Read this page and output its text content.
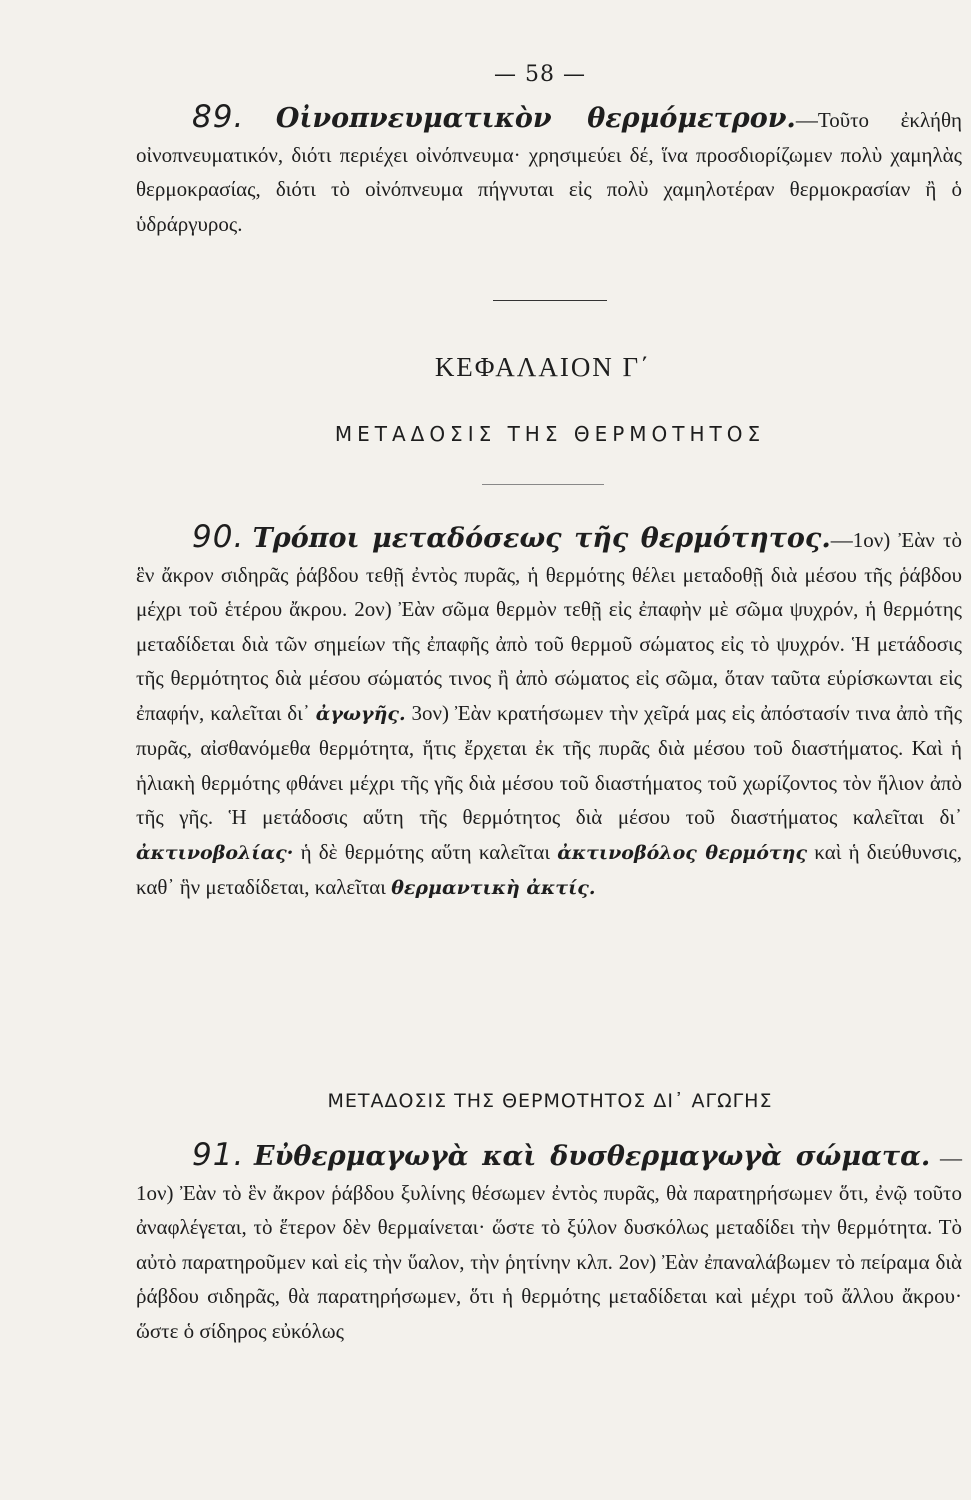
— 58 —

89. Οἰνοπνευματικὸν θερμόμετρον.—Τοῦτο ἐκλήθη οἰνοπνευματικόν, διότι περιέχει οἰνόπνευμα· χρησιμεύει δέ, ἵνα προσδιορίζωμεν πολὺ χαμηλὰς θερμοκρασίας, διότι τὸ οἰνόπνευμα πήγνυται εἰς πολὺ χαμηλοτέραν θερμοκρασίαν ἢ ὁ ὑδράργυρος.

ΚΕΦΑΛΑΙΟΝ Γ΄
ΜΕΤΑΔΟΣΙΣ ΤΗΣ ΘΕΡΜΟΤΗΤΟΣ

90. Τρόποι μεταδόσεως τῆς θερμότητος.—1ον) Ἐὰν τὸ ἓν ἄκρον σιδηρᾶς ῥάβδου τεθῇ ἐντὸς πυρᾶς, ἡ θερμότης θέλει μεταδοθῇ διὰ μέσου τῆς ῥάβδου μέχρι τοῦ ἑτέρου ἄκρου. 2ον) Ἐὰν σῶμα θερμὸν τεθῇ εἰς ἐπαφὴν μὲ σῶμα ψυχρόν, ἡ θερμότης μεταδίδεται διὰ τῶν σημείων τῆς ἐπαφῆς ἀπὸ τοῦ θερμοῦ σώματος εἰς τὸ ψυχρόν. Ἡ μετάδοσις τῆς θερμότητος διὰ μέσου σώματός τινος ἢ ἀπὸ σώματος εἰς σῶμα, ὅταν ταῦτα εὑρίσκωνται εἰς ἐπαφήν, καλεῖται δι᾽ ἀγωγῆς. 3ον) Ἐὰν κρατήσωμεν τὴν χεῖρά μας εἰς ἀπόστασίν τινα ἀπὸ τῆς πυρᾶς, αἰσθανόμεθα θερμότητα, ἥτις ἔρχεται ἐκ τῆς πυρᾶς διὰ μέσου τοῦ διαστήματος. Καὶ ἡ ἡλιακὴ θερμότης φθάνει μέχρι τῆς γῆς διὰ μέσου τοῦ διαστήματος τοῦ χωρίζοντος τὸν ἥλιον ἀπὸ τῆς γῆς. Ἡ μετάδοσις αὕτη τῆς θερμότητος διὰ μέσου τοῦ διαστήματος καλεῖται δι᾽ ἀκτινοβολίας· ἡ δὲ θερμότης αὕτη καλεῖται ἀκτινοβόλος θερμότης καὶ ἡ διεύθυνσις, καθ᾽ ἣν μεταδίδεται, καλεῖται θερμαντικὴ ἀκτίς.

ΜΕΤΑΔΟΣΙΣ ΤΗΣ ΘΕΡΜΟΤΗΤΟΣ ΔΙ᾽ ΑΓΩΓΗΣ

91. Εὐθερμαγωγὰ καὶ δυσθερμαγωγὰ σώματα. — 1ον) Ἐὰν τὸ ἓν ἄκρον ῥάβδου ξυλίνης θέσωμεν ἐντὸς πυρᾶς, θὰ παρατηρήσωμεν ὅτι, ἐνῷ τοῦτο ἀναφλέγεται, τὸ ἕτερον δὲν θερμαίνεται· ὥστε τὸ ξύλον δυσκόλως μεταδίδει τὴν θερμότητα. Τὸ αὐτὸ παρατηροῦμεν καὶ εἰς τὴν ὕαλον, τὴν ῥητίνην κλπ. 2ον) Ἐὰν ἐπαναλάβωμεν τὸ πείραμα διὰ ῥάβδου σιδηρᾶς, θὰ παρατηρήσωμεν, ὅτι ἡ θερμότης μεταδίδεται καὶ μέχρι τοῦ ἄλλου ἄκρου· ὥστε ὁ σίδηρος εὐκόλως
